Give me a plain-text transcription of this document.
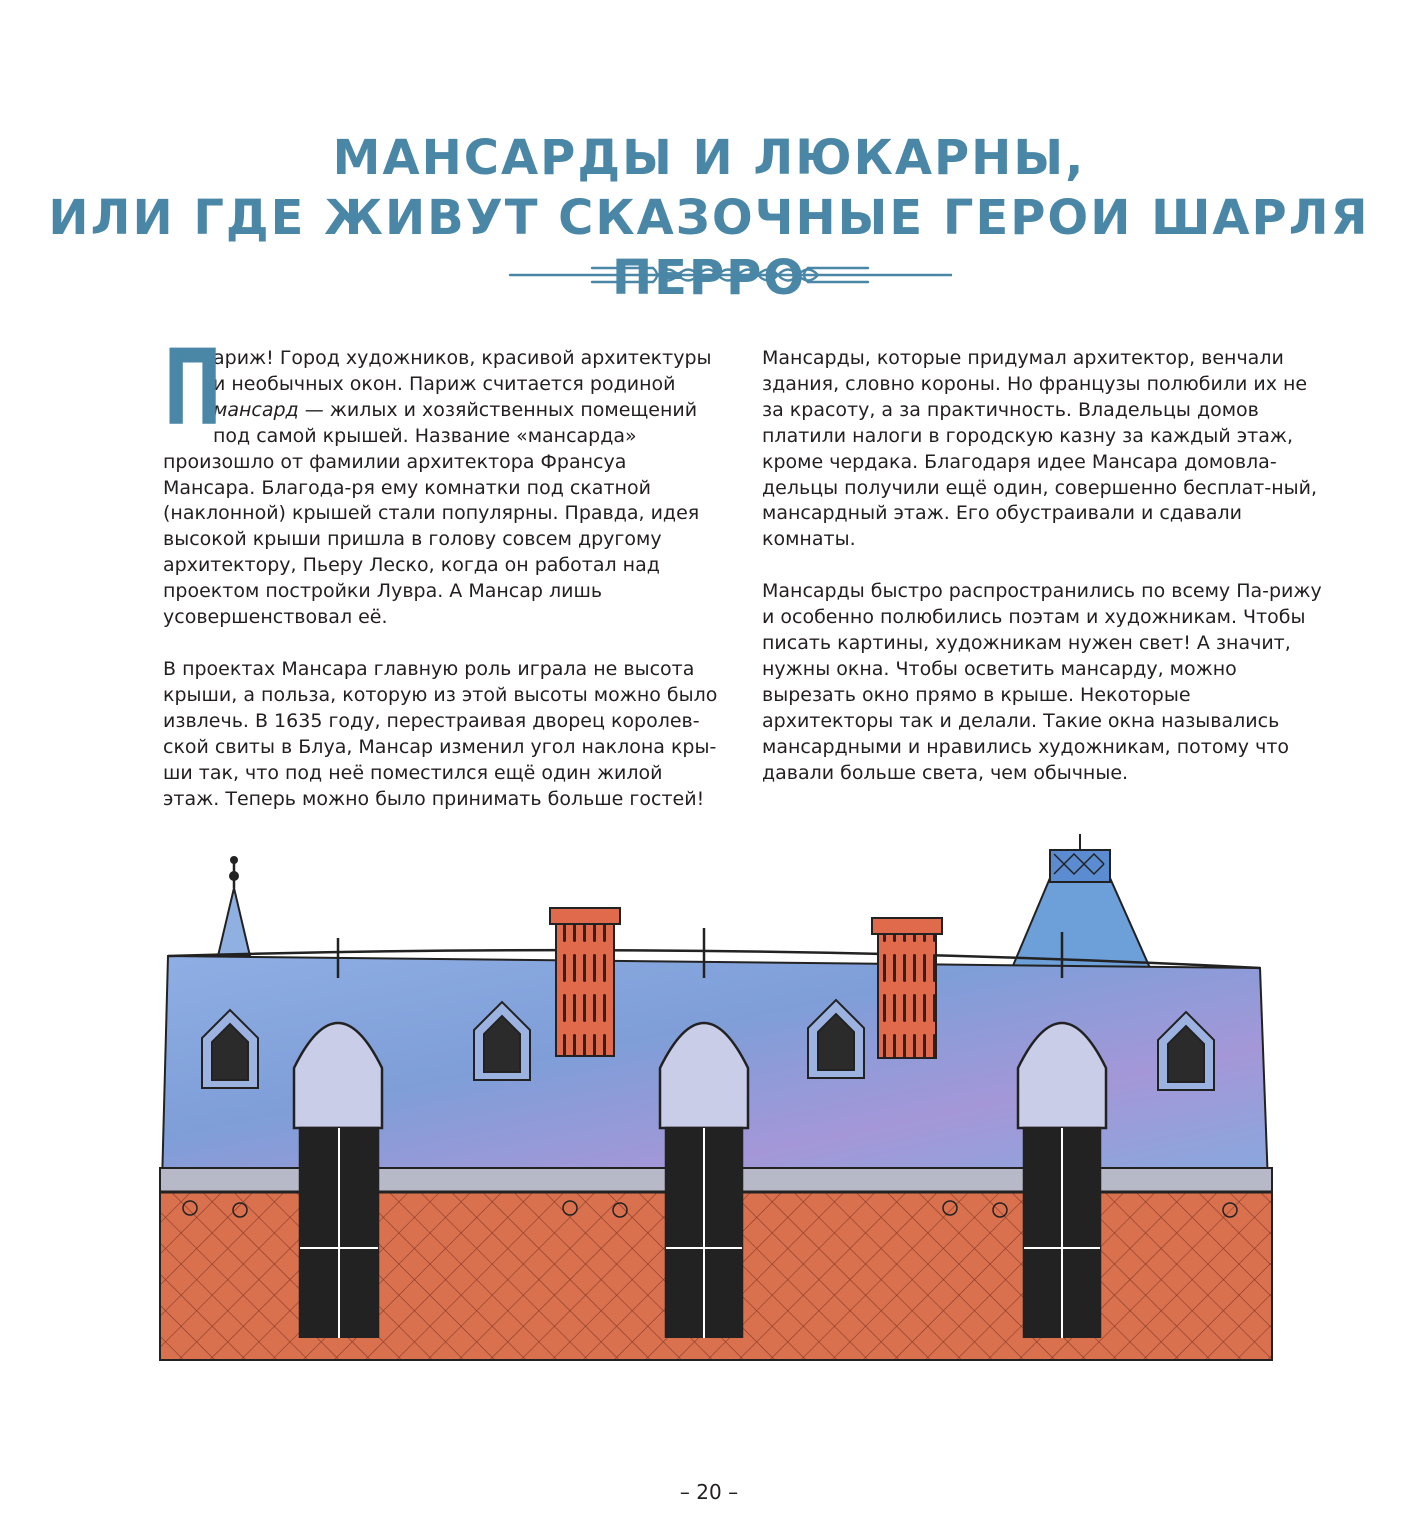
МАНСАРДЫ И ЛЮКАРНЫ,
ИЛИ ГДЕ ЖИВУТ СКАЗОЧНЫЕ ГЕРОИ ШАРЛЯ ПЕРРО

П
ариж! Город художников, красивой архитектуры и необычных окон. Париж считается родиной мансард — жилых и хозяйственных помещений под самой крышей. Название «мансарда» произошло от фамилии архитектора Франсуа Мансара. Благода-ря ему комнатки под скатной (наклонной) крышей стали популярны. Правда, идея высокой крыши пришла в голову совсем другому архитектору, Пьеру Леско, когда он работал над проектом постройки Лувра. А Мансар лишь усовершенствовал её.

В проектах Мансара главную роль играла не высота крыши, а польза, которую из этой высоты можно было извлечь. В 1635 году, перестраивая дворец королев-ской свиты в Блуа, Мансар изменил угол наклона кры-ши так, что под неё поместился ещё один жилой этаж. Теперь можно было принимать больше гостей!

Мансарды, которые придумал архитектор, венчали здания, словно короны. Но французы полюбили их не за красоту, а за практичность. Владельцы домов платили налоги в городскую казну за каждый этаж, кроме чердака. Благодаря идее Мансара домовла-дельцы получили ещё один, совершенно бесплат-ный, мансардный этаж. Его обустраивали и сдавали комнаты.

Мансарды быстро распространились по всему Па-рижу и особенно полюбились поэтам и художникам. Чтобы писать картины, художникам нужен свет! А значит, нужны окна. Чтобы осветить мансарду, можно вырезать окно прямо в крыше. Некоторые архитекторы так и делали. Такие окна назывались мансардными и нравились художникам, потому что давали больше света, чем обычные.

– 20 –
